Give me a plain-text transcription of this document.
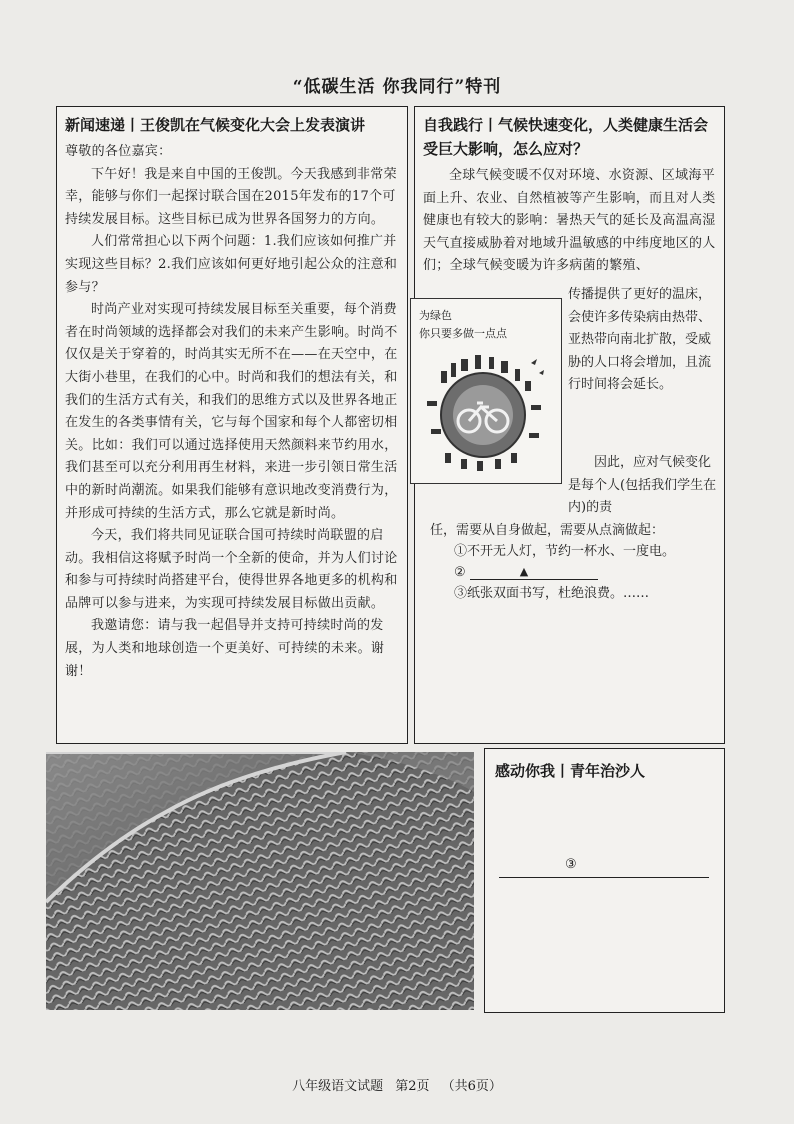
“低碳生活 你我同行”特刊
新闻速递丨王俊凯在气候变化大会上发表演讲

尊敬的各位嘉宾：

下午好！我是来自中国的王俊凯。今天我感到非常荣幸，能够与你们一起探讨联合国在2015年发布的17个可持续发展目标。这些目标已成为世界各国努力的方向。

人们常常担心以下两个问题：1.我们应该如何推广并实现这些目标？2.我们应该如何更好地引起公众的注意和参与？

时尚产业对实现可持续发展目标至关重要，每个消费者在时尚领域的选择都会对我们的未来产生影响。时尚不仅仅是关于穿着的，时尚其实无所不在——在天空中，在大街小巷里，在我们的心中。时尚和我们的想法有关，和我们的生活方式有关，和我们的思维方式以及世界各地正在发生的各类事情有关，它与每个国家和每个人都密切相关。比如：我们可以通过选择使用天然颜料来节约用水，我们甚至可以充分利用再生材料，来进一步引领日常生活中的新时尚潮流。如果我们能够有意识地改变消费行为，并形成可持续的生活方式，那么它就是新时尚。

今天，我们将共同见证联合国可持续时尚联盟的启动。我相信这将赋予时尚一个全新的使命，并为人们讨论和参与可持续时尚搭建平台，使得世界各地更多的机构和品牌可以参与进来，为实现可持续发展目标做出贡献。

我邀请您：请与我一起倡导并支持可持续时尚的发展，为人类和地球创造一个更美好、可持续的未来。谢谢！

自我践行丨气候快速变化，人类健康生活会受巨大影响，怎么应对？

全球气候变暖不仅对环境、水资源、区域海平面上升、农业、自然植被等产生影响，而且对人类健康也有较大的影响：暑热天气的延长及高温高湿天气直接威胁着对地域升温敏感的中纬度地区的人们；全球气候变暖为许多病菌的繁殖、

为绿色
你只要多做一点点
传播提供了更好的温床，会使许多传染病由热带、亚热带向南北扩散，受威胁的人口将会增加，且流行时间将会延长。
因此，应对气候变化是每个人(包括我们学生在内)的责
任，需要从自身做起，需要从点滴做起：
①不开无人灯，节约一杯水、一度电。
②	▲
③纸张双面书写，杜绝浪费。……
感动你我丨青年治沙人
③
八年级语文试题 第2页 （共6页）
